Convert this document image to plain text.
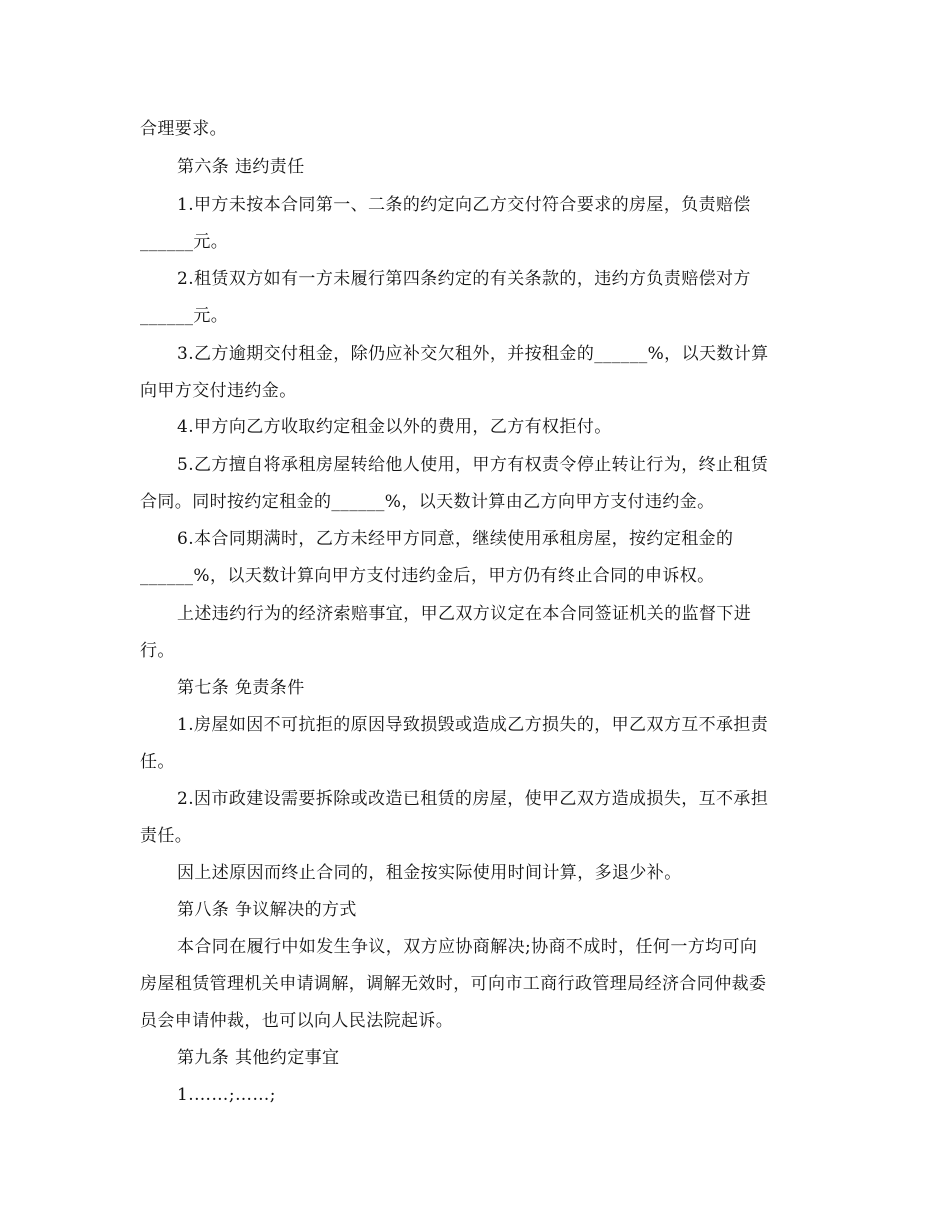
合理要求。
第六条 违约责任
1.甲方未按本合同第一、二条的约定向乙方交付符合要求的房屋，负责赔偿
______元。
2.租赁双方如有一方未履行第四条约定的有关条款的，违约方负责赔偿对方
______元。
3.乙方逾期交付租金，除仍应补交欠租外，并按租金的______%，以天数计算
向甲方交付违约金。
4.甲方向乙方收取约定租金以外的费用，乙方有权拒付。
5.乙方擅自将承租房屋转给他人使用，甲方有权责令停止转让行为，终止租赁
合同。同时按约定租金的______%，以天数计算由乙方向甲方支付违约金。
6.本合同期满时，乙方未经甲方同意，继续使用承租房屋，按约定租金的
______%，以天数计算向甲方支付违约金后，甲方仍有终止合同的申诉权。
上述违约行为的经济索赔事宜，甲乙双方议定在本合同签证机关的监督下进
行。
第七条 免责条件
1.房屋如因不可抗拒的原因导致损毁或造成乙方损失的，甲乙双方互不承担责
任。
2.因市政建设需要拆除或改造已租赁的房屋，使甲乙双方造成损失，互不承担
责任。
因上述原因而终止合同的，租金按实际使用时间计算，多退少补。
第八条 争议解决的方式
本合同在履行中如发生争议，双方应协商解决;协商不成时，任何一方均可向
房屋租赁管理机关申请调解，调解无效时，可向市工商行政管理局经济合同仲裁委
员会申请仲裁，也可以向人民法院起诉。
第九条 其他约定事宜
1.……;……;
